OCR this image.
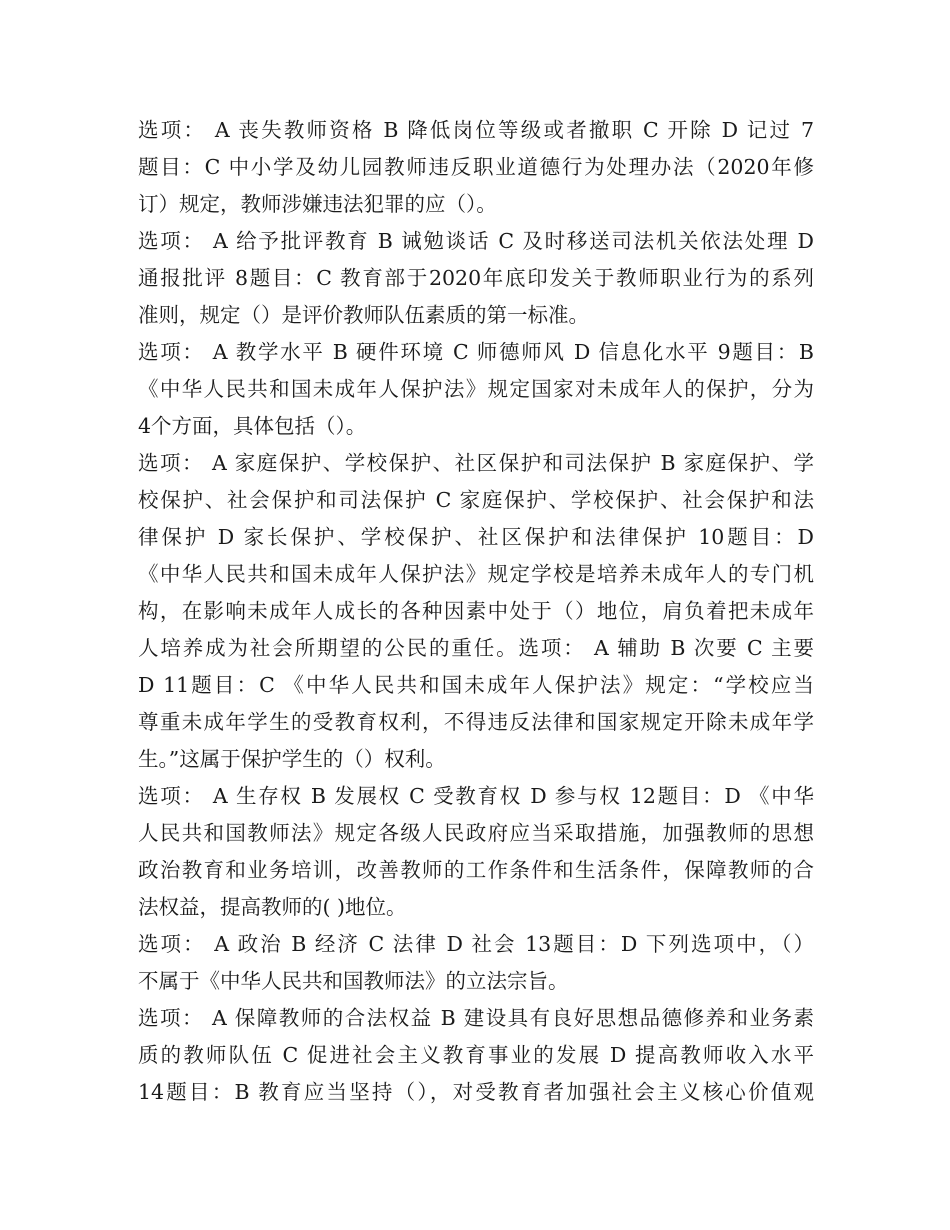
选项： A 丧失教师资格 B 降低岗位等级或者撤职 C 开除 D 记过 7
题目：C 中小学及幼儿园教师违反职业道德行为处理办法（2020年修
订）规定，教师涉嫌违法犯罪的应（）。
选项： A 给予批评教育 B 诫勉谈话 C 及时移送司法机关依法处理 D
通报批评 8题目：C 教育部于2020年底印发关于教师职业行为的系列
准则，规定（）是评价教师队伍素质的第一标准。
选项： A 教学水平 B 硬件环境 C 师德师风 D 信息化水平 9题目：B
《中华人民共和国未成年人保护法》规定国家对未成年人的保护，分为
4个方面，具体包括（）。
选项： A 家庭保护、学校保护、社区保护和司法保护 B 家庭保护、学
校保护、社会保护和司法保护 C 家庭保护、学校保护、社会保护和法
律保护 D 家长保护、学校保护、社区保护和法律保护 10题目：D
《中华人民共和国未成年人保护法》规定学校是培养未成年人的专门机
构，在影响未成年人成长的各种因素中处于（）地位，肩负着把未成年
人培养成为社会所期望的公民的重任。选项： A 辅助 B 次要 C 主要
D 11题目：C 《中华人民共和国未成年人保护法》规定：“学校应当
尊重未成年学生的受教育权利，不得违反法律和国家规定开除未成年学
生。”这属于保护学生的（）权利。
选项： A 生存权 B 发展权 C 受教育权 D 参与权 12题目：D 《中华
人民共和国教师法》规定各级人民政府应当采取措施，加强教师的思想
政治教育和业务培训，改善教师的工作条件和生活条件，保障教师的合
法权益，提高教师的( )地位。
选项： A 政治 B 经济 C 法律 D 社会 13题目：D 下列选项中，（）
不属于《中华人民共和国教师法》的立法宗旨。
选项： A 保障教师的合法权益 B 建设具有良好思想品德修养和业务素
质的教师队伍 C 促进社会主义教育事业的发展 D 提高教师收入水平
14题目：B 教育应当坚持（），对受教育者加强社会主义核心价值观
